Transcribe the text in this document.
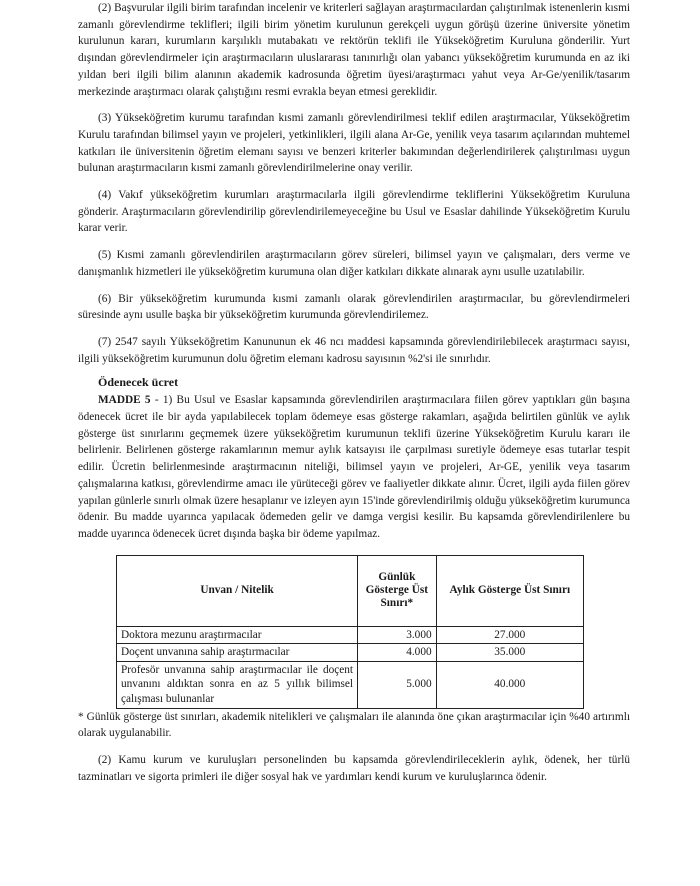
(2) Başvurular ilgili birim tarafından incelenir ve kriterleri sağlayan araştırmacılardan çalıştırılmak istenenlerin kısmi zamanlı görevlendirme teklifleri; ilgili birim yönetim kurulunun gerekçeli uygun görüşü üzerine üniversite yönetim kurulunun kararı, kurumların karşılıklı mutabakatı ve rektörün teklifi ile Yükseköğretim Kuruluna gönderilir. Yurt dışından görevlendirmeler için araştırmacıların uluslararası tanınırlığı olan yabancı yükseköğretim kurumunda en az iki yıldan beri ilgili bilim alanının akademik kadrosunda öğretim üyesi/araştırmacı yahut veya Ar-Ge/yenilik/tasarım merkezinde araştırmacı olarak çalıştığını resmi evrakla beyan etmesi gereklidir.

(3) Yükseköğretim kurumu tarafından kısmi zamanlı görevlendirilmesi teklif edilen araştırmacılar, Yükseköğretim Kurulu tarafından bilimsel yayın ve projeleri, yetkinlikleri, ilgili alana Ar-Ge, yenilik veya tasarım açılarından muhtemel katkıları ile üniversitenin öğretim elemanı sayısı ve benzeri kriterler bakımından değerlendirilerek çalıştırılması uygun bulunan araştırmacıların kısmi zamanlı görevlendirilmelerine onay verilir.

(4) Vakıf yükseköğretim kurumları araştırmacılarla ilgili görevlendirme tekliflerini Yükseköğretim Kuruluna gönderir. Araştırmacıların görevlendirilip görevlendirilemeyeceğine bu Usul ve Esaslar dahilinde Yükseköğretim Kurulu karar verir.

(5) Kısmi zamanlı görevlendirilen araştırmacıların görev süreleri, bilimsel yayın ve çalışmaları, ders verme ve danışmanlık hizmetleri ile yükseköğretim kurumuna olan diğer katkıları dikkate alınarak aynı usulle uzatılabilir.

(6) Bir yükseköğretim kurumunda kısmi zamanlı olarak görevlendirilen araştırmacılar, bu görevlendirmeleri süresinde aynı usulle başka bir yükseköğretim kurumunda görevlendirilemez.

(7) 2547 sayılı Yükseköğretim Kanununun ek 46 ncı maddesi kapsamında görevlendirilebilecek araştırmacı sayısı, ilgili yükseköğretim kurumunun dolu öğretim elemanı kadrosu sayısının %2'si ile sınırlıdır.

Ödenecek ücret

MADDE 5 - 1) Bu Usul ve Esaslar kapsamında görevlendirilen araştırmacılara fiilen görev yaptıkları gün başına ödenecek ücret ile bir ayda yapılabilecek toplam ödemeye esas gösterge rakamları, aşağıda belirtilen günlük ve aylık gösterge üst sınırlarını geçmemek üzere yükseköğretim kurumunun teklifi üzerine Yükseköğretim Kurulu kararı ile belirlenir. Belirlenen gösterge rakamlarının memur aylık katsayısı ile çarpılması suretiyle ödemeye esas tutarlar tespit edilir. Ücretin belirlenmesinde araştırmacının niteliği, bilimsel yayın ve projeleri, Ar-GE, yenilik veya tasarım çalışmalarına katkısı, görevlendirme amacı ile yürüteceği görev ve faaliyetler dikkate alınır. Ücret, ilgili ayda fiilen görev yapılan günlerle sınırlı olmak üzere hesaplanır ve izleyen ayın 15'inde görevlendirilmiş olduğu yükseköğretim kurumunca ödenir. Bu madde uyarınca yapılacak ödemeden gelir ve damga vergisi kesilir. Bu kapsamda görevlendirilenlere bu madde uyarınca ödenecek ücret dışında başka bir ödeme yapılmaz.

Unvan / Nitelik	Günlük Gösterge Üst Sınırı*	Aylık Gösterge Üst Sınırı
Doktora mezunu araştırmacılar	3.000	27.000
Doçent unvanına sahip araştırmacılar	4.000	35.000
Profesör unvanına sahip araştırmacılar ile doçent unvanını aldıktan sonra en az 5 yıllık bilimsel çalışması bulunanlar	5.000	40.000

* Günlük gösterge üst sınırları, akademik nitelikleri ve çalışmaları ile alanında öne çıkan araştırmacılar için %40 artırımlı olarak uygulanabilir.

(2) Kamu kurum ve kuruluşları personelinden bu kapsamda görevlendirileceklerin aylık, ödenek, her türlü tazminatları ve sigorta primleri ile diğer sosyal hak ve yardımları kendi kurum ve kuruluşlarınca ödenir.
